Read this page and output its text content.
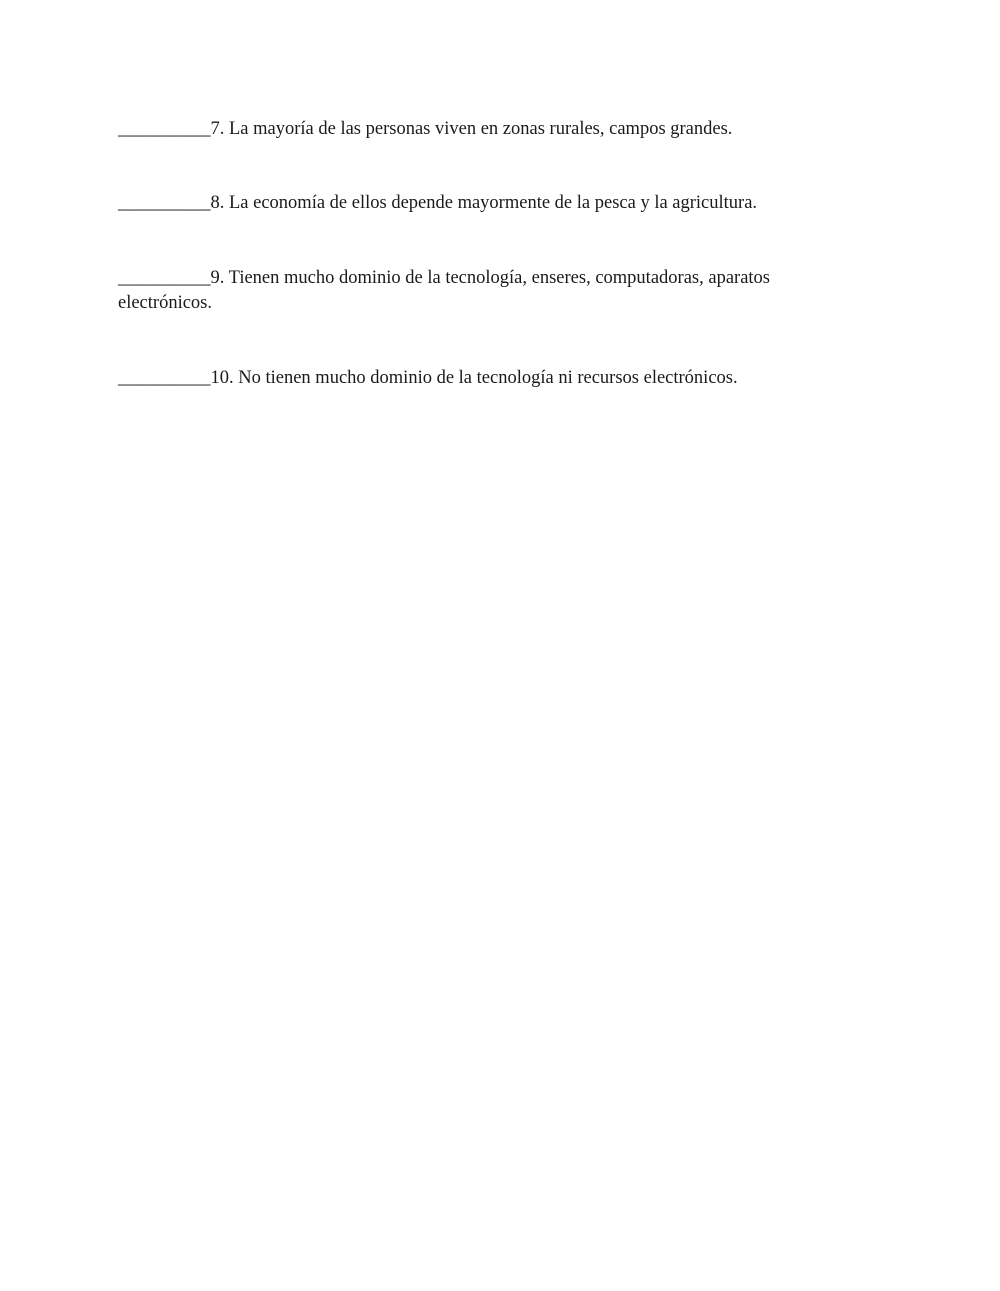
__________7. La mayoría de las personas viven en zonas rurales, campos grandes.
__________8. La economía de ellos depende mayormente de la pesca y la agricultura.
__________9. Tienen mucho dominio de la tecnología, enseres, computadoras, aparatos electrónicos.
__________10. No tienen mucho dominio de la tecnología ni recursos electrónicos.
